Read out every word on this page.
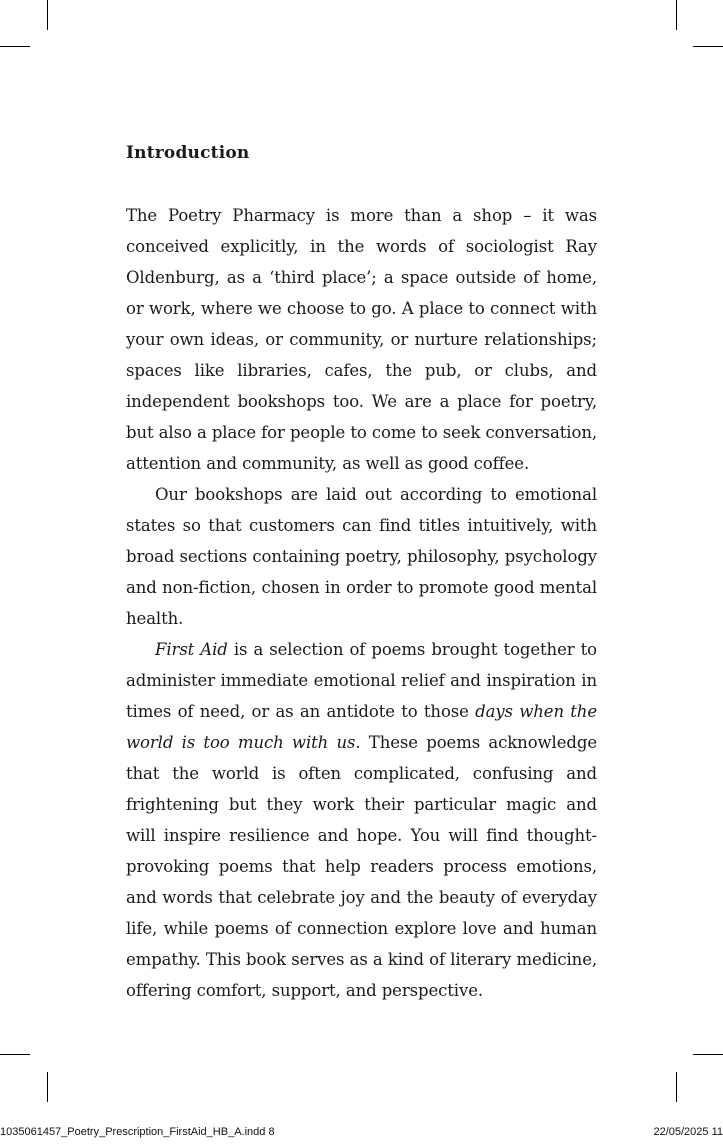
Introduction

The Poetry Pharmacy is more than a shop – it was conceived explicitly, in the words of sociologist Ray Oldenburg, as a ‘third place’; a space outside of home, or work, where we choose to go. A place to connect with your own ideas, or community, or nurture relationships; spaces like libraries, cafes, the pub, or clubs, and independent bookshops too. We are a place for poetry, but also a place for people to come to seek conversation, attention and community, as well as good coffee.

Our bookshops are laid out according to emotional states so that customers can find titles intuitively, with broad sections containing poetry, philosophy, psychology and non-fiction, chosen in order to promote good mental health.

First Aid is a selection of poems brought together to administer immediate emotional relief and inspiration in times of need, or as an antidote to those days when the world is too much with us. These poems acknowledge that the world is often complicated, confusing and frightening but they work their particular magic and will inspire resilience and hope. You will find thought-provoking poems that help readers process emotions, and words that celebrate joy and the beauty of everyday life, while poems of connection explore love and human empathy. This book serves as a kind of literary medicine, offering comfort, support, and perspective.

1035061457_Poetry_Prescription_FirstAid_HB_A.indd 8	22/05/2025 11
